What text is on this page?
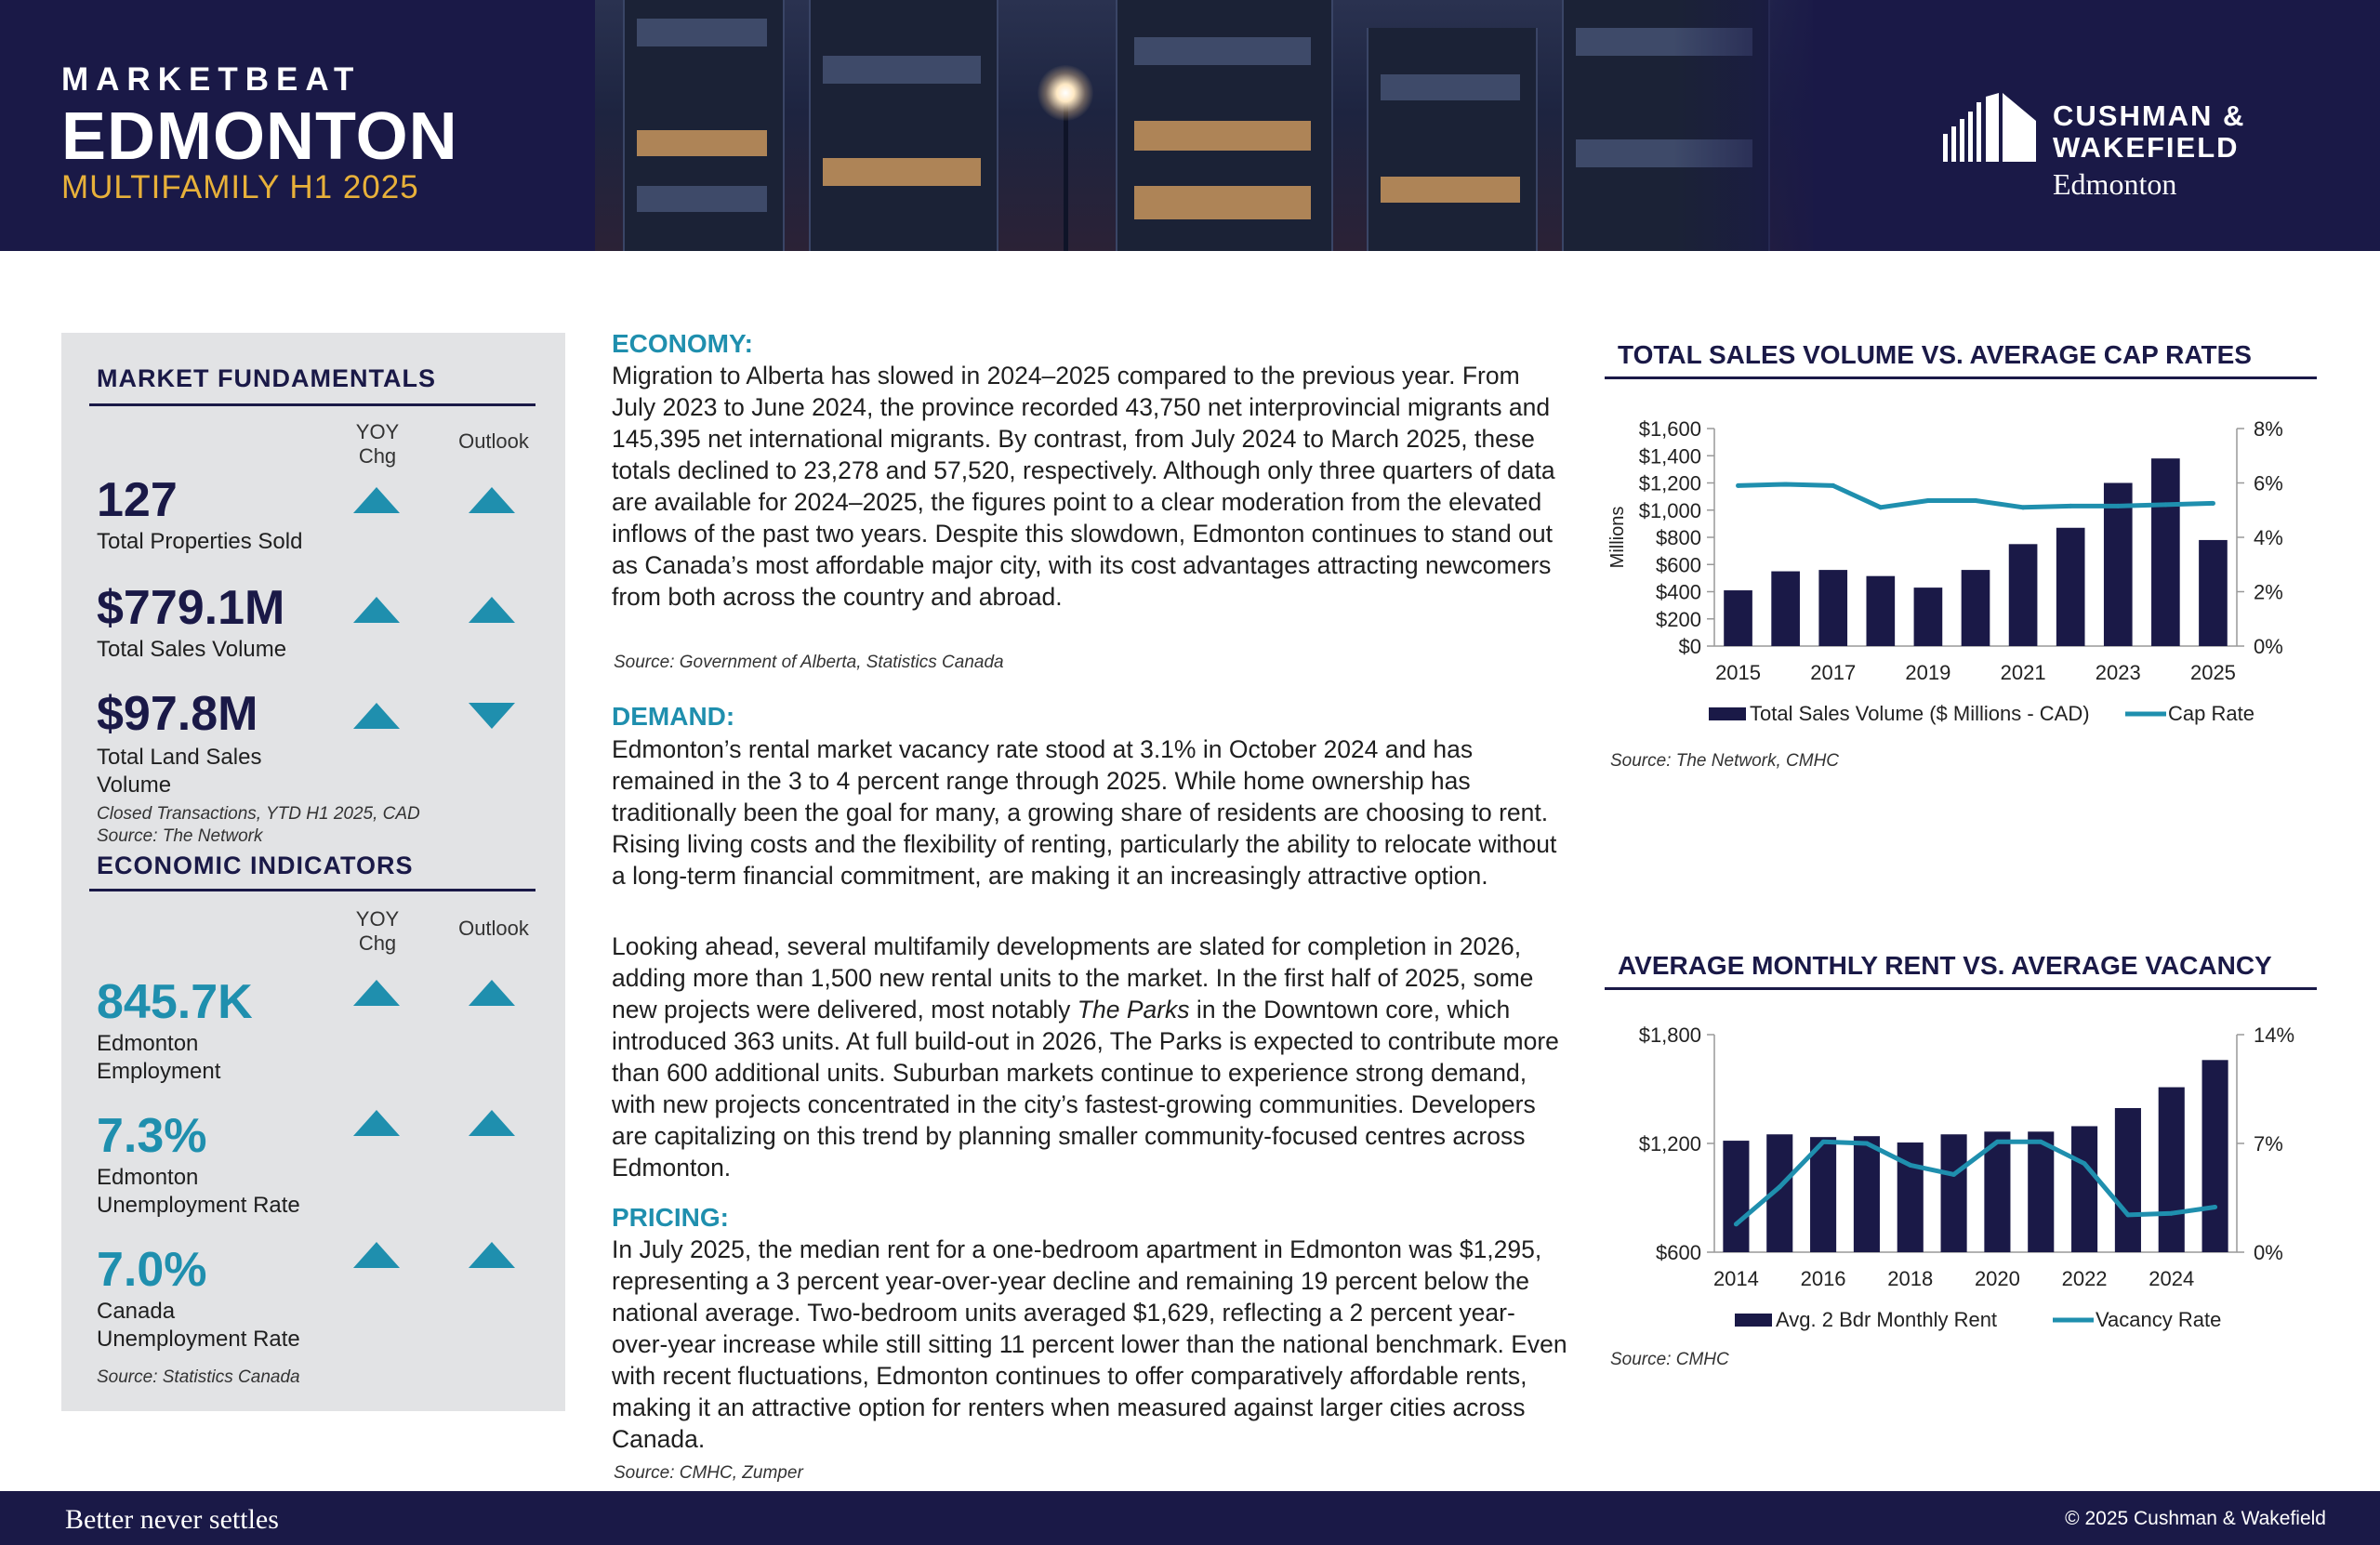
MARKETBEAT
EDMONTON
MULTIFAMILY H1 2025
CUSHMAN &
WAKEFIELD
Edmonton
MARKET FUNDAMENTALS
YOY
Chg
Outlook
127
Total Properties Sold
$779.1M
Total Sales Volume
$97.8M
Total Land Sales
Volume
Closed Transactions, YTD H1 2025, CAD
Source: The Network
ECONOMIC INDICATORS
YOY
Chg
Outlook
845.7K
Edmonton
Employment
7.3%
Edmonton
Unemployment Rate
7.0%
Canada
Unemployment Rate
Source: Statistics Canada
ECONOMY:
Migration to Alberta has slowed in 2024–2025 compared to the previous year. From July 2023 to June 2024, the province recorded 43,750 net interprovincial migrants and 145,395 net international migrants. By contrast, from July 2024 to March 2025, these totals declined to 23,278 and 57,520, respectively. Although only three quarters of data are available for 2024–2025, the figures point to a clear moderation from the elevated inflows of the past two years. Despite this slowdown, Edmonton continues to stand out as Canada’s most affordable major city, with its cost advantages attracting newcomers from both across the country and abroad.
Source: Government of Alberta, Statistics Canada
DEMAND:
Edmonton’s rental market vacancy rate stood at 3.1% in October 2024 and has remained in the 3 to 4 percent range through 2025. While home ownership has traditionally been the goal for many, a growing share of residents are choosing to rent. Rising living costs and the flexibility of renting, particularly the ability to relocate without a long-term financial commitment, are making it an increasingly attractive option.
Looking ahead, several multifamily developments are slated for completion in 2026, adding more than 1,500 new rental units to the market. In the first half of 2025, some new projects were delivered, most notably The Parks in the Downtown core, which introduced 363 units. At full build-out in 2026, The Parks is expected to contribute more than 600 additional units. Suburban markets continue to experience strong demand, with new projects concentrated in the city’s fastest-growing communities. Developers are capitalizing on this trend by planning smaller community-focused centres across Edmonton.
PRICING:
In July 2025, the median rent for a one-bedroom apartment in Edmonton was $1,295, representing a 3 percent year-over-year decline and remaining 19 percent below the national average. Two-bedroom units averaged $1,629, reflecting a 2 percent year-over-year increase while still sitting 11 percent lower than the national benchmark. Even with recent fluctuations, Edmonton continues to offer comparatively affordable rents, making it an attractive option for renters when measured against larger cities across Canada.
Source: CMHC, Zumper
TOTAL SALES VOLUME VS. AVERAGE CAP RATES
$0
$200
$400
$600
$800
$1,000
$1,200
$1,400
$1,600
0%
2%
4%
6%
8%
2015 2017 2019 2021 2023 2025
Millions
Total Sales Volume ($ Millions - CAD)	Cap Rate
Source: The Network, CMHC
AVERAGE MONTHLY RENT VS. AVERAGE VACANCY
$600
$1,200
$1,800
0%
7%
14%
2014 2016 2018 2020 2022 2024
Avg. 2 Bdr Monthly Rent	Vacancy Rate
Source: CMHC
Better never settles	© 2025 Cushman & Wakefield
